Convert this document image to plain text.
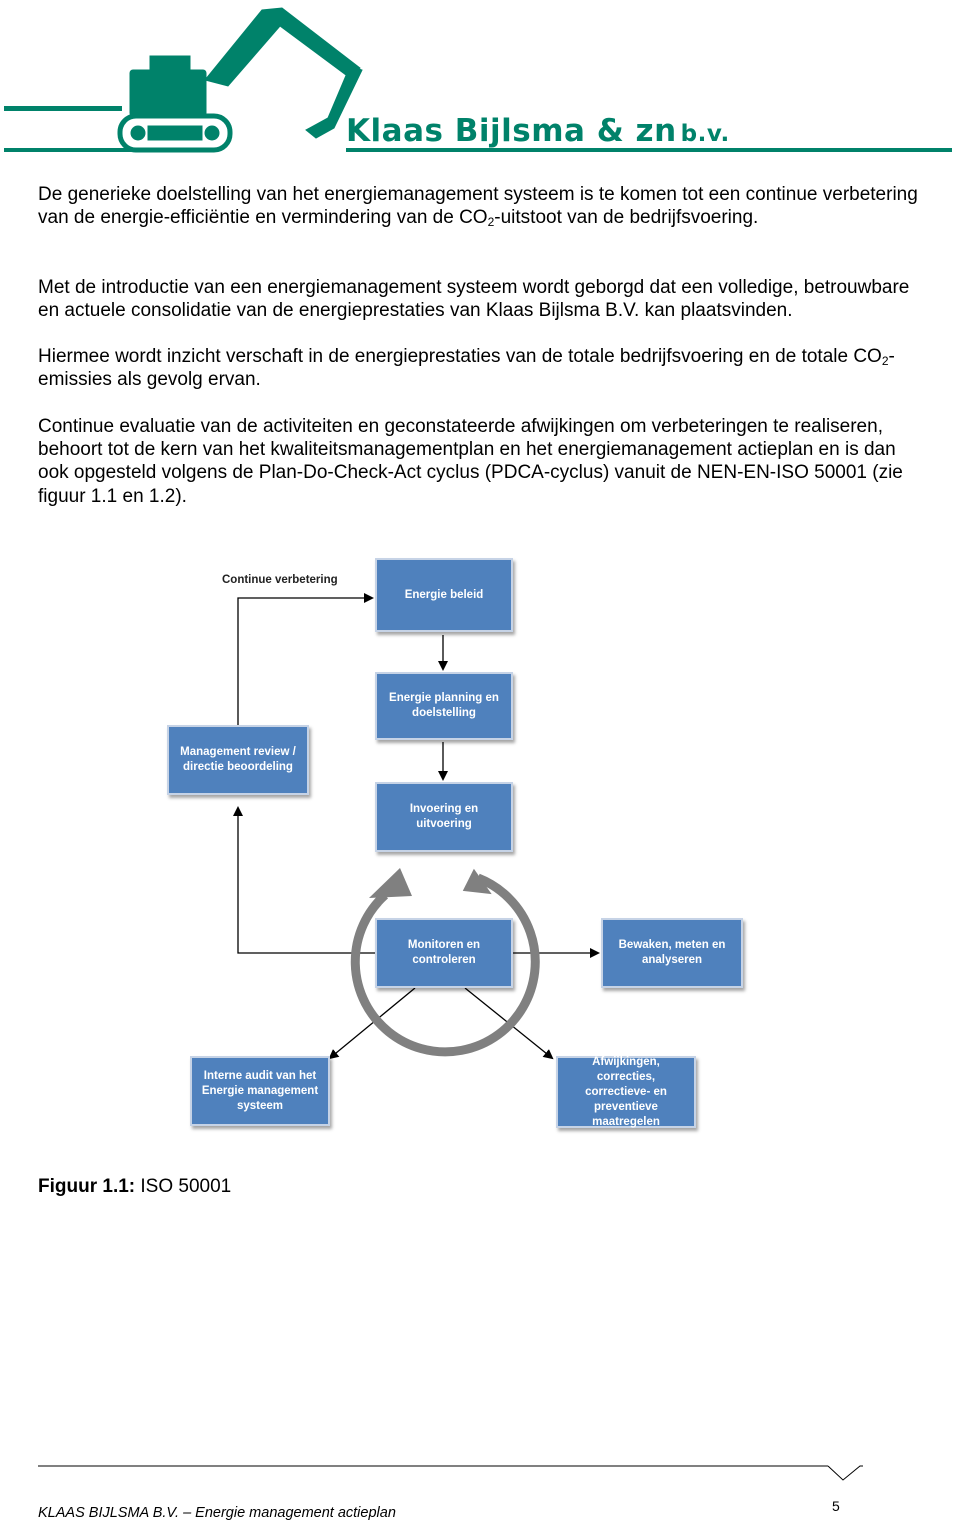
Klaas Bijlsma & zn b.v.

De generieke doelstelling van het energiemanagement systeem is te komen tot een continue verbetering van de energie-efficiëntie en vermindering van de $CO_2$-uitstoot van de bedrijfsvoering.

Met de introductie van een energiemanagement systeem wordt geborgd dat een volledige, betrouwbare en actuele consolidatie van de energieprestaties van Klaas Bijlsma B.V. kan plaatsvinden.

Hiermee wordt inzicht verschaft in de energieprestaties van de totale bedrijfsvoering en de totale $CO_2$-emissies als gevolg ervan.

Continue evaluatie van de activiteiten en geconstateerde afwijkingen om verbeteringen te realiseren, behoort tot de kern van het kwaliteitsmanagementplan en het energiemanagement actieplan en is dan ook opgesteld volgens de Plan-Do-Check-Act cyclus (PDCA-cyclus) vanuit de NEN-EN-ISO 50001 (zie figuur 1.1 en 1.2).

Continue verbetering
Energie beleid
Energie planning en doelstelling
Management review / directie beoordeling
Invoering en uitvoering
Monitoren en controleren
Bewaken, meten en analyseren
Interne audit van het Energie management systeem
Afwijkingen, correcties, correctieve- en preventieve maatregelen
Figuur 1.1: ISO 50001
KLAAS BIJLSMA B.V. – Energie management actieplan	5
